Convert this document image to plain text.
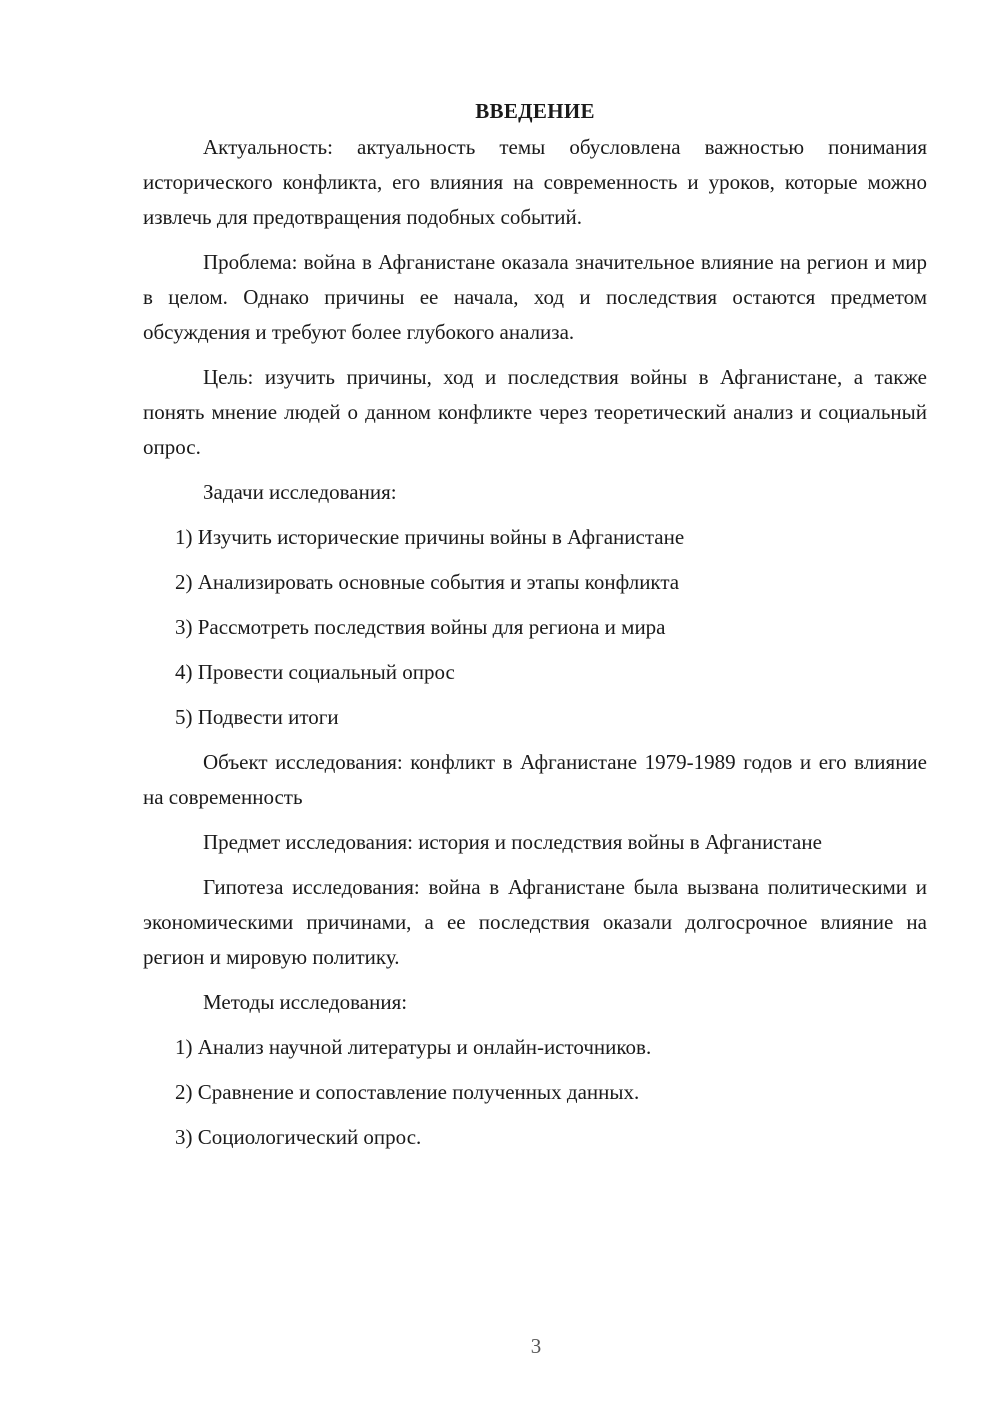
ВВЕДЕНИЕ

Актуальность: актуальность темы обусловлена важностью понимания исторического конфликта, его влияния на современность и уроков, которые можно извлечь для предотвращения подобных событий.

Проблема: война в Афганистане оказала значительное влияние на регион и мир в целом. Однако причины ее начала, ход и последствия остаются предметом обсуждения и требуют более глубокого анализа.

Цель: изучить причины, ход и последствия войны в Афганистане, а также понять мнение людей о данном конфликте через теоретический анализ и социальный опрос.

Задачи исследования:

1) Изучить исторические причины войны в Афганистане
2) Анализировать основные события и этапы конфликта
3) Рассмотреть последствия войны для региона и мира
4) Провести социальный опрос
5) Подвести итоги

Объект исследования: конфликт в Афганистане 1979-1989 годов и его влияние на современность

Предмет исследования: история и последствия войны в Афганистане

Гипотеза исследования: война в Афганистане была вызвана политическими и экономическими причинами, а ее последствия оказали долгосрочное влияние на регион и мировую политику.

Методы исследования:

1) Анализ научной литературы и онлайн-источников.
2) Сравнение и сопоставление полученных данных.
3) Социологический опрос.
3
